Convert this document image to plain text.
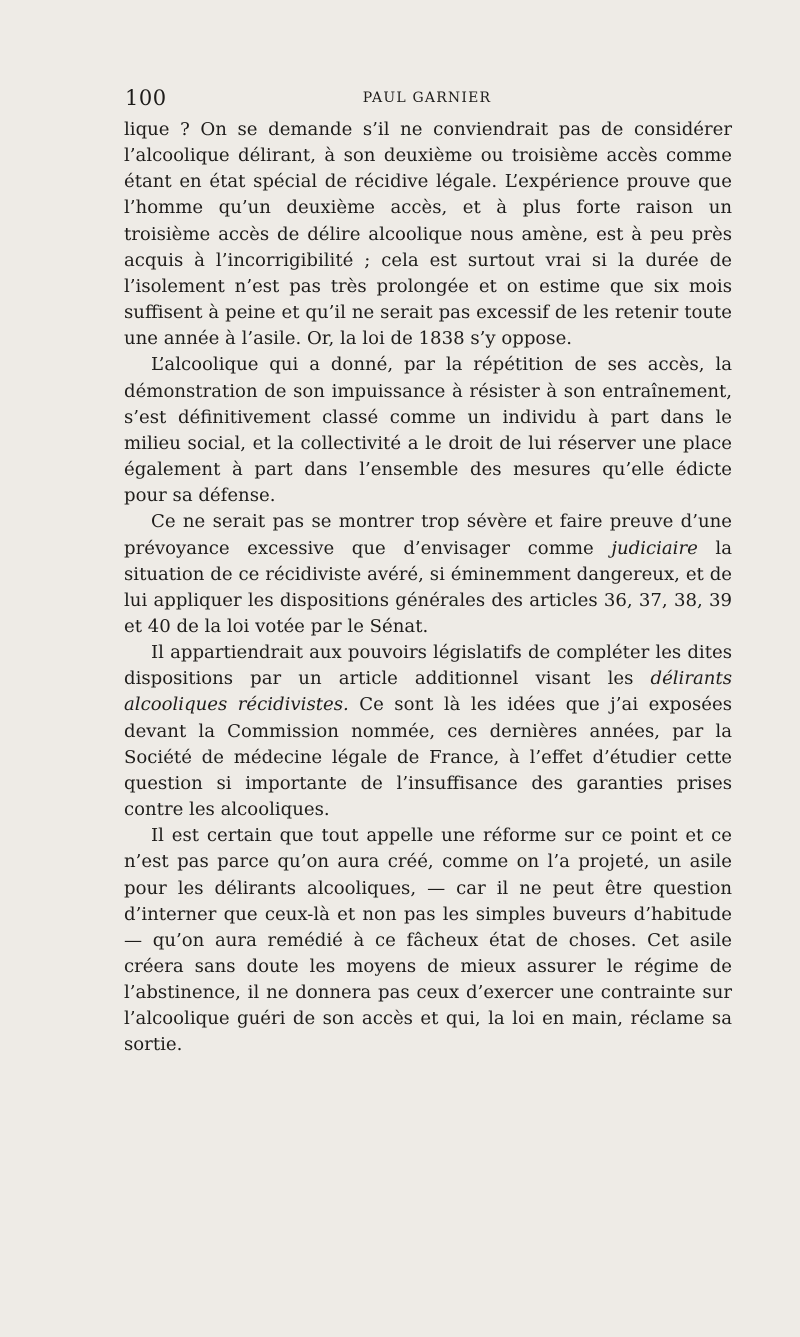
100	PAUL GARNIER

lique ? On se demande s’il ne conviendrait pas de considérer l’alcoolique délirant, à son deuxième ou troisième accès comme étant en état spécial de récidive légale. L’expérience prouve que l’homme qu’un deuxième accès, et à plus forte raison un troisième accès de délire alcoolique nous amène, est à peu près acquis à l’incorrigibilité ; cela est surtout vrai si la durée de l’isolement n’est pas très prolongée et on estime que six mois suffisent à peine et qu’il ne serait pas excessif de les retenir toute une année à l’asile. Or, la loi de 1838 s’y oppose.

L’alcoolique qui a donné, par la répétition de ses accès, la démonstration de son impuissance à résister à son entraînement, s’est définitivement classé comme un individu à part dans le milieu social, et la collectivité a le droit de lui réserver une place également à part dans l’ensemble des mesures qu’elle édicte pour sa défense.

Ce ne serait pas se montrer trop sévère et faire preuve d’une prévoyance excessive que d’envisager comme judiciaire la situation de ce récidiviste avéré, si éminemment dangereux, et de lui appliquer les dispositions générales des articles 36, 37, 38, 39 et 40 de la loi votée par le Sénat.

Il appartiendrait aux pouvoirs législatifs de compléter les dites dispositions par un article additionnel visant les délirants alcooliques récidivistes. Ce sont là les idées que j’ai exposées devant la Commission nommée, ces dernières années, par la Société de médecine légale de France, à l’effet d’étudier cette question si importante de l’insuffisance des garanties prises contre les alcooliques.

Il est certain que tout appelle une réforme sur ce point et ce n’est pas parce qu’on aura créé, comme on l’a projeté, un asile pour les délirants alcooliques, — car il ne peut être question d’interner que ceux-là et non pas les simples buveurs d’habitude — qu’on aura remédié à ce fâcheux état de choses. Cet asile créera sans doute les moyens de mieux assurer le régime de l’abstinence, il ne donnera pas ceux d’exercer une contrainte sur l’alcoolique guéri de son accès et qui, la loi en main, réclame sa sortie.
